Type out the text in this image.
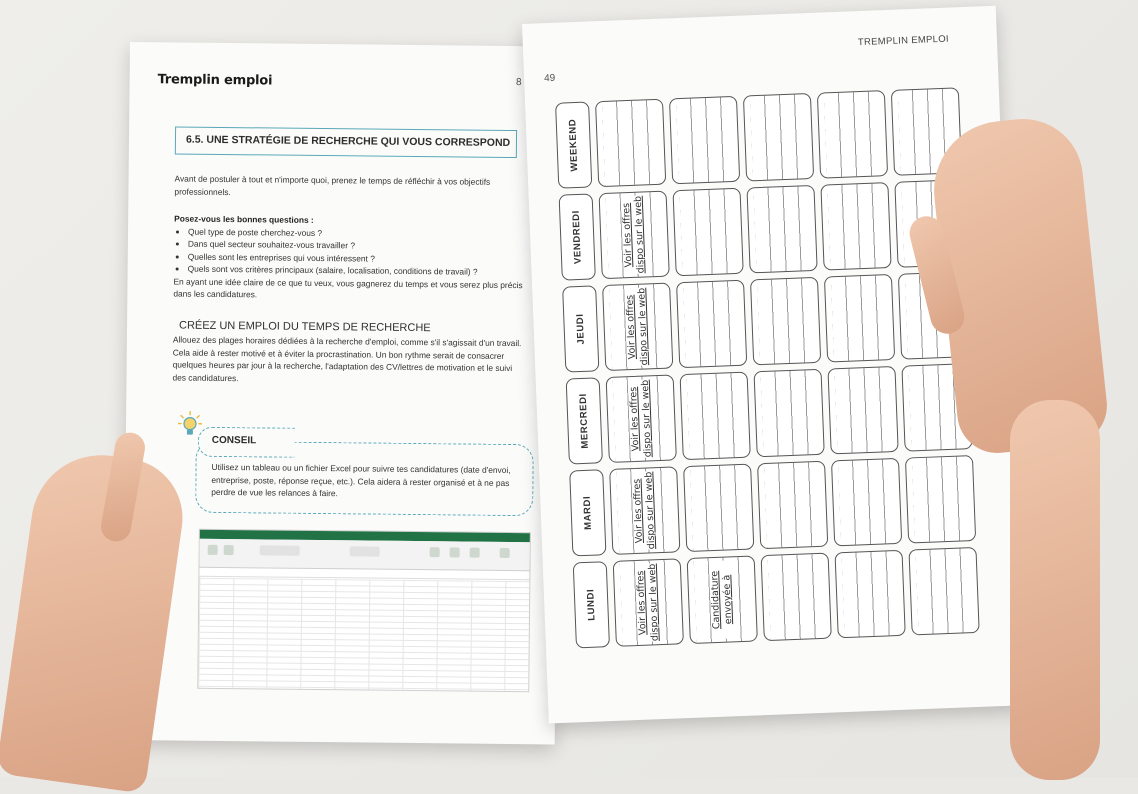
Tremplin emploi	8
6.5. UNE STRATÉGIE DE RECHERCHE QUI VOUS CORRESPOND
Avant de postuler à tout et n'importe quoi, prenez le temps de réfléchir à vos objectifs professionnels.
Posez-vous les bonnes questions :
• Quel type de poste cherchez-vous ?
• Dans quel secteur souhaitez-vous travailler ?
• Quelles sont les entreprises qui vous intéressent ?
• Quels sont vos critères principaux (salaire, localisation, conditions de travail) ?
En ayant une idée claire de ce que tu veux, vous gagnerez du temps et vous serez plus précis dans les candidatures.
CRÉEZ UN EMPLOI DU TEMPS DE RECHERCHE
Allouez des plages horaires dédiées à la recherche d'emploi, comme s'il s'agissait d'un travail. Cela aide à rester motivé et à éviter la procrastination. Un bon rythme serait de consacrer quelques heures par jour à la recherche, l'adaptation des CV/lettres de motivation et le suivi des candidatures.
CONSEIL
Utilisez un tableau ou un fichier Excel pour suivre tes candidatures (date d'envoi, entreprise, poste, réponse reçue, etc.). Cela aidera à rester organisé et à ne pas perdre de vue les relances à faire.
TREMPLIN EMPLOI
49
WEEKEND
VENDREDI	Voir les offres dispo sur le web
JEUDI	Voir les offres dispo sur le web
MERCREDI	Voir les offres dispo sur le web
MARDI	Voir les offres dispo sur le web
LUNDI	Voir les offres dispo sur le web	Candidature envoyée à
